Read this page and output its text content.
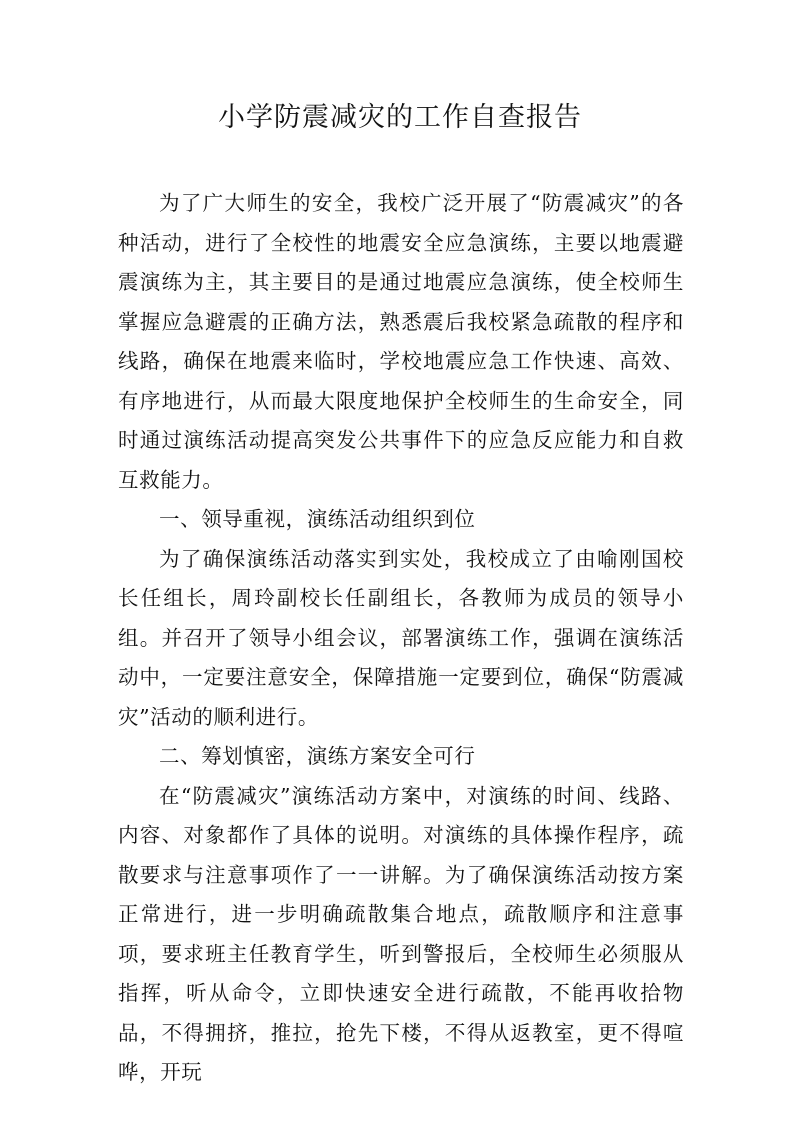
小学防震减灾的工作自查报告

为了广大师生的安全，我校广泛开展了“防震减灾”的各种活动，进行了全校性的地震安全应急演练，主要以地震避震演练为主，其主要目的是通过地震应急演练，使全校师生掌握应急避震的正确方法，熟悉震后我校紧急疏散的程序和线路，确保在地震来临时，学校地震应急工作快速、高效、有序地进行，从而最大限度地保护全校师生的生命安全，同时通过演练活动提高突发公共事件下的应急反应能力和自救互救能力。

一、领导重视，演练活动组织到位

为了确保演练活动落实到实处，我校成立了由喻刚国校长任组长，周玲副校长任副组长，各教师为成员的领导小组。并召开了领导小组会议，部署演练工作，强调在演练活动中，一定要注意安全，保障措施一定要到位，确保“防震减灾”活动的顺利进行。

二、筹划慎密，演练方案安全可行

在“防震减灾”演练活动方案中，对演练的时间、线路、内容、对象都作了具体的说明。对演练的具体操作程序，疏散要求与注意事项作了一一讲解。为了确保演练活动按方案正常进行，进一步明确疏散集合地点，疏散顺序和注意事项，要求班主任教育学生，听到警报后，全校师生必须服从指挥，听从命令，立即快速安全进行疏散，不能再收拾物品，不得拥挤，推拉，抢先下楼，不得从返教室，更不得喧哗，开玩
